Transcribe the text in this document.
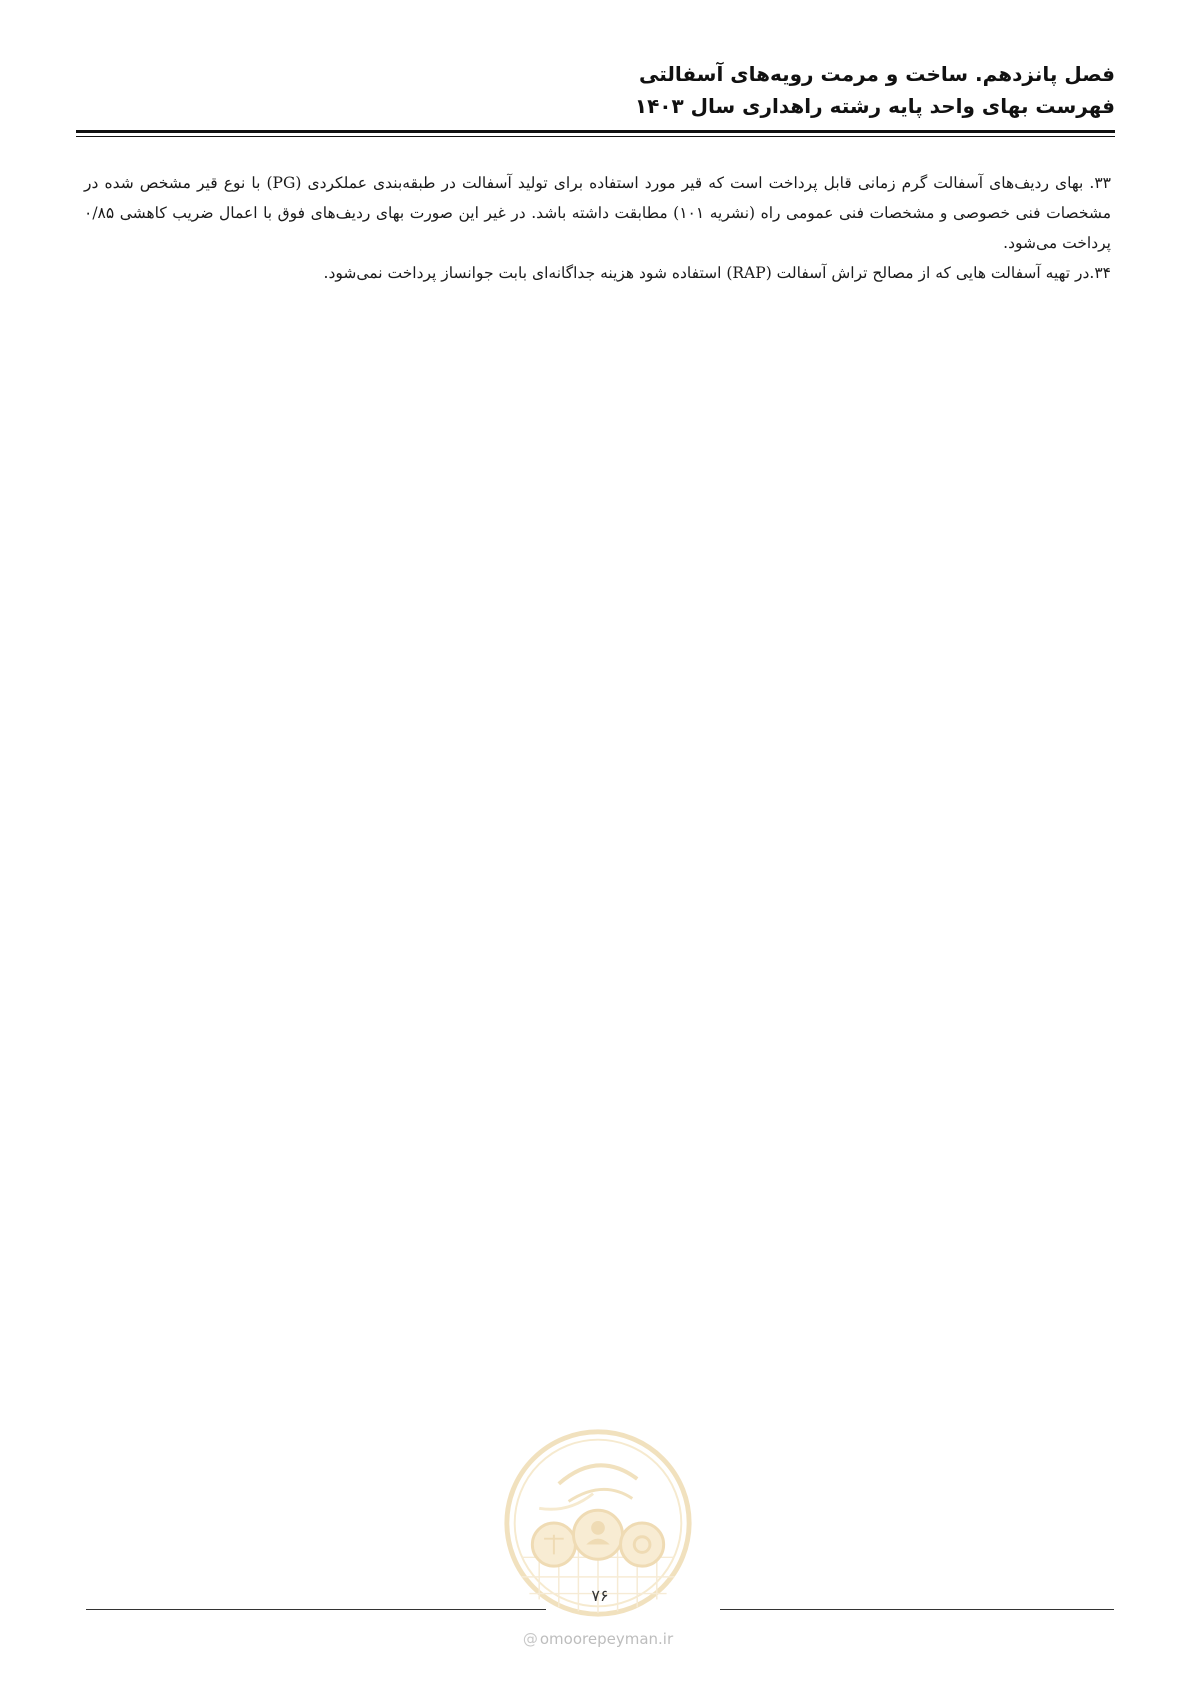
فصل پانزدهم. ساخت و مرمت رویه‌های آسفالتی
فهرست بهای واحد پایه رشته راهداری سال ۱۴۰۳

۳۳. بهای ردیف‌های آسفالت گرم زمانی قابل پرداخت است که قیر مورد استفاده برای تولید آسفالت در طبقه‌بندی عملکردی (PG) با نوع قیر مشخص شده در مشخصات فنی خصوصی و مشخصات فنی عمومی راه (نشریه ۱۰۱) مطابقت داشته باشد. در غیر این صورت بهای ردیف‌های فوق با اعمال ضریب کاهشی ۰/۸۵ پرداخت می‌شود.

۳۴.در تهیه آسفالت هایی که از مصالح تراش آسفالت (RAP) استفاده شود هزینه جداگانه‌ای بابت جوانساز پرداخت نمی‌شود.

۷۶
@ omoorepeyman.ir
